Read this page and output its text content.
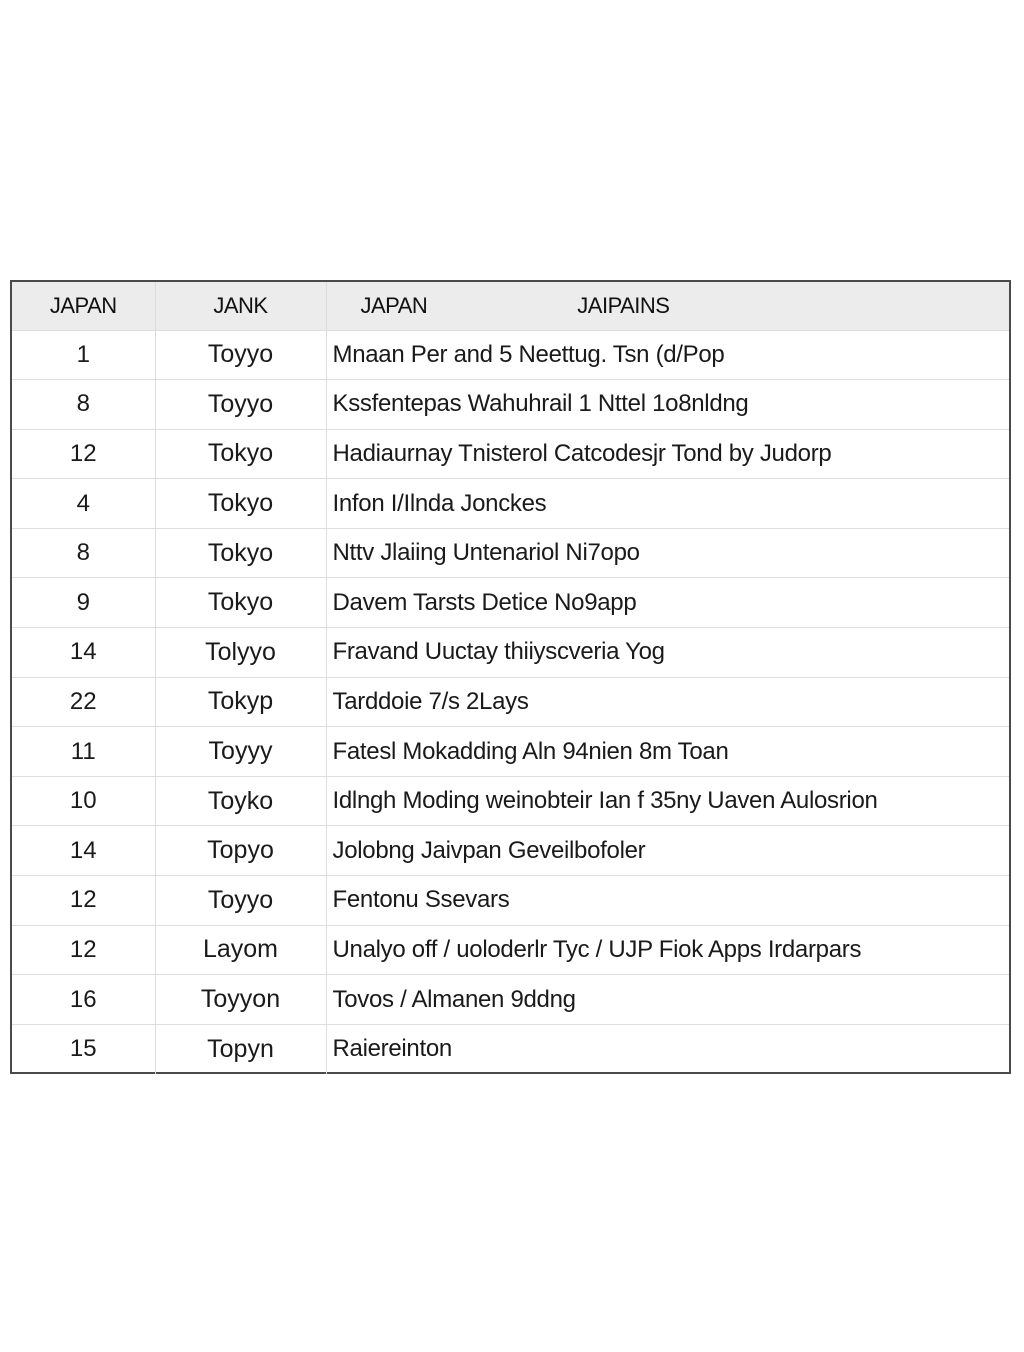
JAPAN	JANK	JAPAN JAIPAINS

1	Toyyo	Mnaan Per and 5 Neettug. Tsn (d/Pop
8	Toyyo	Kssfentepas Wahuhrail 1 Nttel 1o8nldng
12	Tokyo	Hadiaurnay Tnisterol Catcodesjr Tond by Judorp
4	Tokyo	Infon I/Ilnda Jonckes
8	Tokyo	Nttv Jlaiing Untenariol Ni7opo
9	Tokyo	Davem Tarsts Detice No9app
14	Tolyyo	Fravand Uuctay thiiyscveria Yog
22	Tokyp	Tarddoie 7/s 2Lays
11	Toyyy	Fatesl Mokadding Aln 94nien 8m Toan
10	Toyko	Idlngh Moding weinobteir Ian f 35ny Uaven Aulosrion
14	Topyo	Jolobng Jaivpan Geveilbofoler
12	Toyyo	Fentonu Ssevars
12	Layom	Unalyo off / uoloderlr Tyc / UJP Fiok Apps Irdarpars
16	Toyyon	Tovos / Almanen 9ddng
15	Topyn	Raiereinton
